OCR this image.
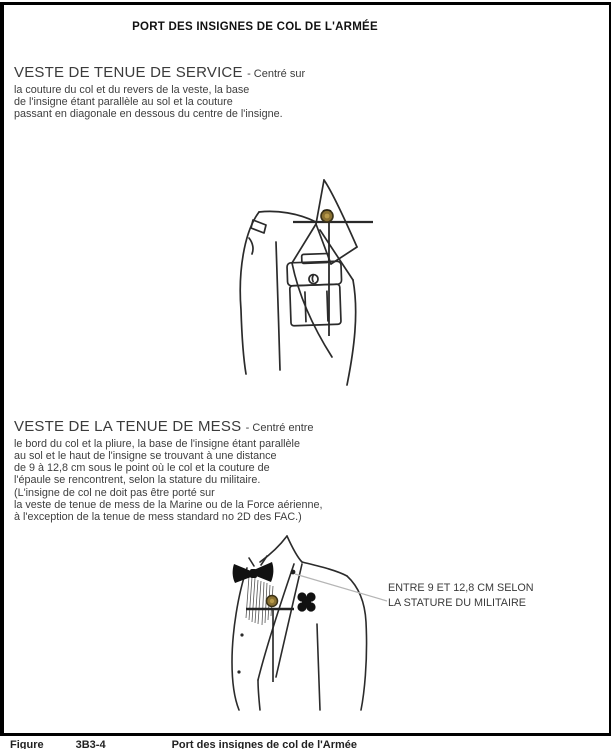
PORT DES INSIGNES DE COL DE L'ARMÉE
VESTE DE TENUE DE SERVICE - Centré sur
la couture du col et du revers de la veste, la base
de l'insigne étant parallèle au sol et la couture
passant en diagonale en dessous du centre de l'insigne.
VESTE DE LA TENUE DE MESS - Centré entre
le bord du col et la pliure, la base de l'insigne étant parallèle
au sol et le haut de l'insigne se trouvant à une distance
de 9 à 12,8 cm sous le point où le col et la couture de
l'épaule se rencontrent, selon la stature du militaire.
(L'insigne de col ne doit pas être porté sur
la veste de tenue de mess de la Marine ou de la Force aérienne,
à l'exception de la tenue de mess standard no 2D des FAC.)
ENTRE 9 ET 12,8 CM SELON
LA STATURE DU MILITAIRE
Figure	3B3-4	Port des insignes de col de l'Armée
